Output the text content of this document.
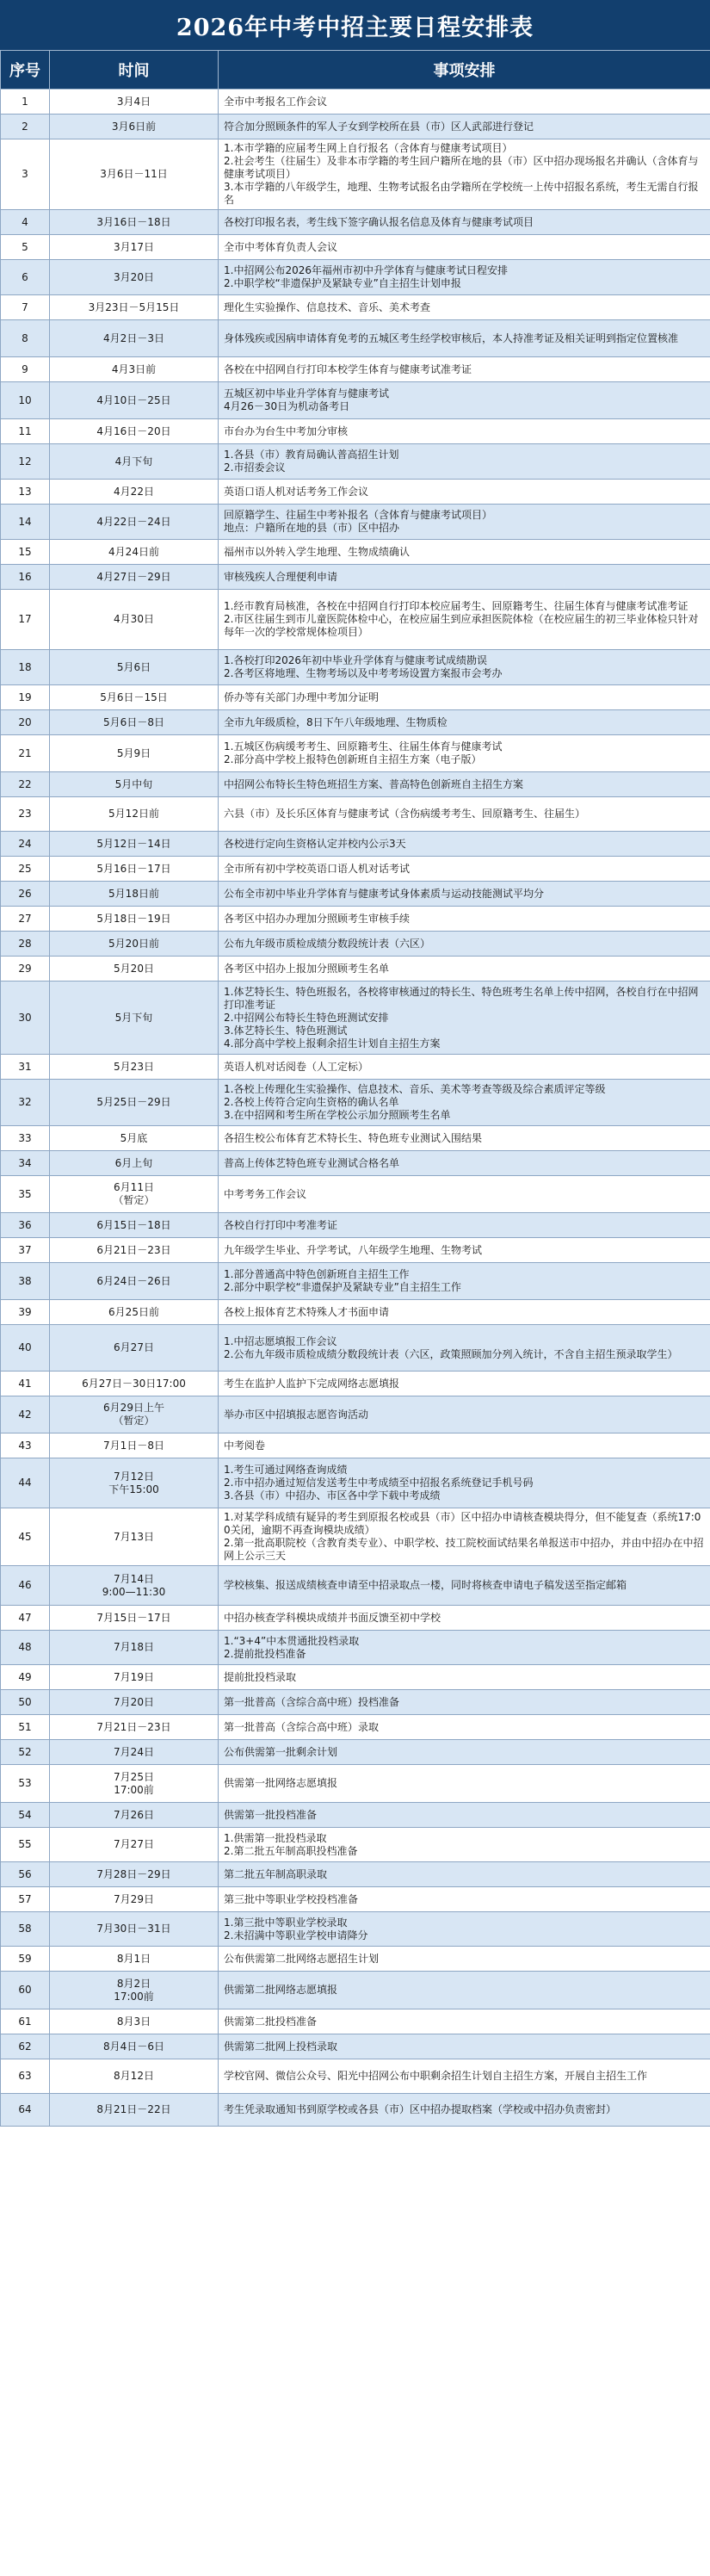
2026年中考中招主要日程安排表
序号	时间	事项安排
1	3月4日	全市中考报名工作会议

2	3月6日前	符合加分照顾条件的军人子女到学校所在县（市）区人武部进行登记

3	3月6日－11日	1.本市学籍的应届考生网上自行报名（含体育与健康考试项目）
2.社会考生（往届生）及非本市学籍的考生回户籍所在地的县（市）区中招办现场报名并确认（含体育与健康考试项目）
3.本市学籍的八年级学生，地理、生物考试报名由学籍所在学校统一上传中招报名系统，考生无需自行报名

4	3月16日－18日	各校打印报名表，考生线下签字确认报名信息及体育与健康考试项目

5	3月17日	全市中考体育负责人会议

6	3月20日	1.中招网公布2026年福州市初中升学体育与健康考试日程安排
2.中职学校“非遗保护及紧缺专业”自主招生计划申报

7	3月23日－5月15日	理化生实验操作、信息技术、音乐、美术考查

8	4月2日－3日	身体残疾或因病申请体育免考的五城区考生经学校审核后，本人持准考证及相关证明到指定位置核准

9	4月3日前	各校在中招网自行打印本校学生体育与健康考试准考证

10	4月10日－25日	五城区初中毕业升学体育与健康考试
4月26－30日为机动备考日

11	4月16日－20日	市台办为台生中考加分审核

12	4月下旬	1.各县（市）教育局确认普高招生计划
2.市招委会议

13	4月22日	英语口语人机对话考务工作会议

14	4月22日－24日	回原籍学生、往届生中考补报名（含体育与健康考试项目）
地点：户籍所在地的县（市）区中招办

15	4月24日前	福州市以外转入学生地理、生物成绩确认

16	4月27日－29日	审核残疾人合理便利申请

17	4月30日	1.经市教育局核准，各校在中招网自行打印本校应届考生、回原籍考生、往届生体育与健康考试准考证
2.市区往届生到市儿童医院体检中心，在校应届生到应承担医院体检（在校应届生的初三毕业体检只针对每年一次的学校常规体检项目）

18	5月6日	1.各校打印2026年初中毕业升学体育与健康考试成绩勘误
2.各考区将地理、生物考场以及中考考场设置方案报市会考办

19	5月6日－15日	侨办等有关部门办理中考加分证明

20	5月6日－8日	全市九年级质检，8日下午八年级地理、生物质检

21	5月9日	1.五城区伤病缓考考生、回原籍考生、往届生体育与健康考试
2.部分高中学校上报特色创新班自主招生方案（电子版）

22	5月中旬	中招网公布特长生特色班招生方案、普高特色创新班自主招生方案

23	5月12日前	六县（市）及长乐区体育与健康考试（含伤病缓考考生、回原籍考生、往届生）

24	5月12日－14日	各校进行定向生资格认定并校内公示3天

25	5月16日－17日	全市所有初中学校英语口语人机对话考试

26	5月18日前	公布全市初中毕业升学体育与健康考试身体素质与运动技能测试平均分

27	5月18日－19日	各考区中招办办理加分照顾考生审核手续

28	5月20日前	公布九年级市质检成绩分数段统计表（六区）

29	5月20日	各考区中招办上报加分照顾考生名单

30	5月下旬	1.体艺特长生、特色班报名，各校将审核通过的特长生、特色班考生名单上传中招网，各校自行在中招网打印准考证
2.中招网公布特长生特色班测试安排
3.体艺特长生、特色班测试
4.部分高中学校上报剩余招生计划自主招生方案

31	5月23日	英语人机对话阅卷（人工定标）

32	5月25日－29日	1.各校上传理化生实验操作、信息技术、音乐、美术等考查等级及综合素质评定等级
2.各校上传符合定向生资格的确认名单
3.在中招网和考生所在学校公示加分照顾考生名单

33	5月底	各招生校公布体育艺术特长生、特色班专业测试入围结果

34	6月上旬	普高上传体艺特色班专业测试合格名单

35	6月11日
（暂定）	中考考务工作会议

36	6月15日－18日	各校自行打印中考准考证

37	6月21日－23日	九年级学生毕业、升学考试，八年级学生地理、生物考试

38	6月24日－26日	1.部分普通高中特色创新班自主招生工作
2.部分中职学校“非遗保护及紧缺专业”自主招生工作

39	6月25日前	各校上报体育艺术特殊人才书面申请

40	6月27日	1.中招志愿填报工作会议
2.公布九年级市质检成绩分数段统计表（六区，政策照顾加分列入统计，不含自主招生预录取学生）

41	6月27日－30日17:00	考生在监护人监护下完成网络志愿填报

42	6月29日上午
（暂定）	举办市区中招填报志愿咨询活动

43	7月1日－8日	中考阅卷

44	7月12日
下午15:00	1.考生可通过网络查询成绩
2.市中招办通过短信发送考生中考成绩至中招报名系统登记手机号码
3.各县（市）中招办、市区各中学下载中考成绩

45	7月13日	1.对某学科成绩有疑异的考生到原报名校或县（市）区中招办申请核查模块得分，但不能复查（系统17:00关闭，逾期不再查询模块成绩）
2.第一批高职院校（含教育类专业）、中职学校、技工院校面试结果名单报送市中招办，并由中招办在中招网上公示三天

46	7月14日
9:00—11:30	学校核集、报送成绩核查申请至中招录取点一楼，同时将核查申请电子稿发送至指定邮箱

47	7月15日－17日	中招办核查学科模块成绩并书面反馈至初中学校

48	7月18日	1.“3+4”中本贯通批投档录取
2.提前批投档准备

49	7月19日	提前批投档录取

50	7月20日	第一批普高（含综合高中班）投档准备

51	7月21日－23日	第一批普高（含综合高中班）录取

52	7月24日	公布供需第一批剩余计划

53	7月25日
17:00前	供需第一批网络志愿填报

54	7月26日	供需第一批投档准备

55	7月27日	1.供需第一批投档录取
2.第二批五年制高职投档准备

56	7月28日－29日	第二批五年制高职录取

57	7月29日	第三批中等职业学校投档准备

58	7月30日－31日	1.第三批中等职业学校录取
2.未招满中等职业学校申请降分

59	8月1日	公布供需第二批网络志愿招生计划

60	8月2日
17:00前	供需第二批网络志愿填报

61	8月3日	供需第二批投档准备

62	8月4日－6日	供需第二批网上投档录取

63	8月12日	学校官网、微信公众号、阳光中招网公布中职剩余招生计划自主招生方案，开展自主招生工作

64	8月21日－22日	考生凭录取通知书到原学校或各县（市）区中招办提取档案（学校或中招办负责密封）
